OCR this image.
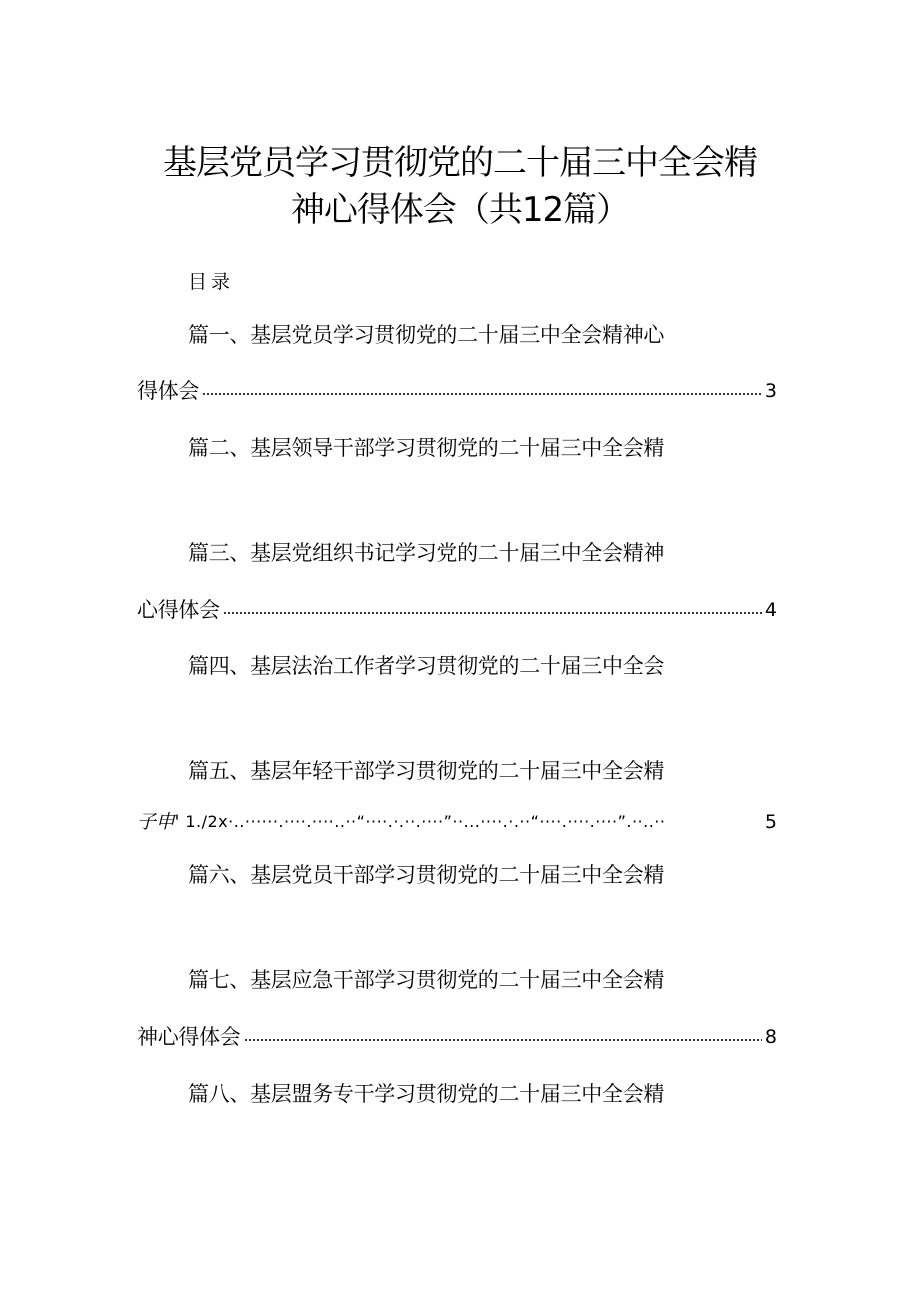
基层党员学习贯彻党的二十届三中全会精
神心得体会（共12篇）
目录
篇一、基层党员学习贯彻党的二十届三中全会精神心
得体会	3
篇二、基层领导干部学习贯彻党的二十届三中全会精
篇三、基层党组织书记学习党的二十届三中全会精神
心得体会	4
篇四、基层法治工作者学习贯彻党的二十届三中全会
篇五、基层年轻干部学习贯彻党的二十届三中全会精
子申' 1./2x·..······.····.····..··“····.·.··.····”··...····.·.··“····.····.····”.··..··	5
篇六、基层党员干部学习贯彻党的二十届三中全会精
篇七、基层应急干部学习贯彻党的二十届三中全会精
神心得体会	8
篇八、基层盟务专干学习贯彻党的二十届三中全会精
